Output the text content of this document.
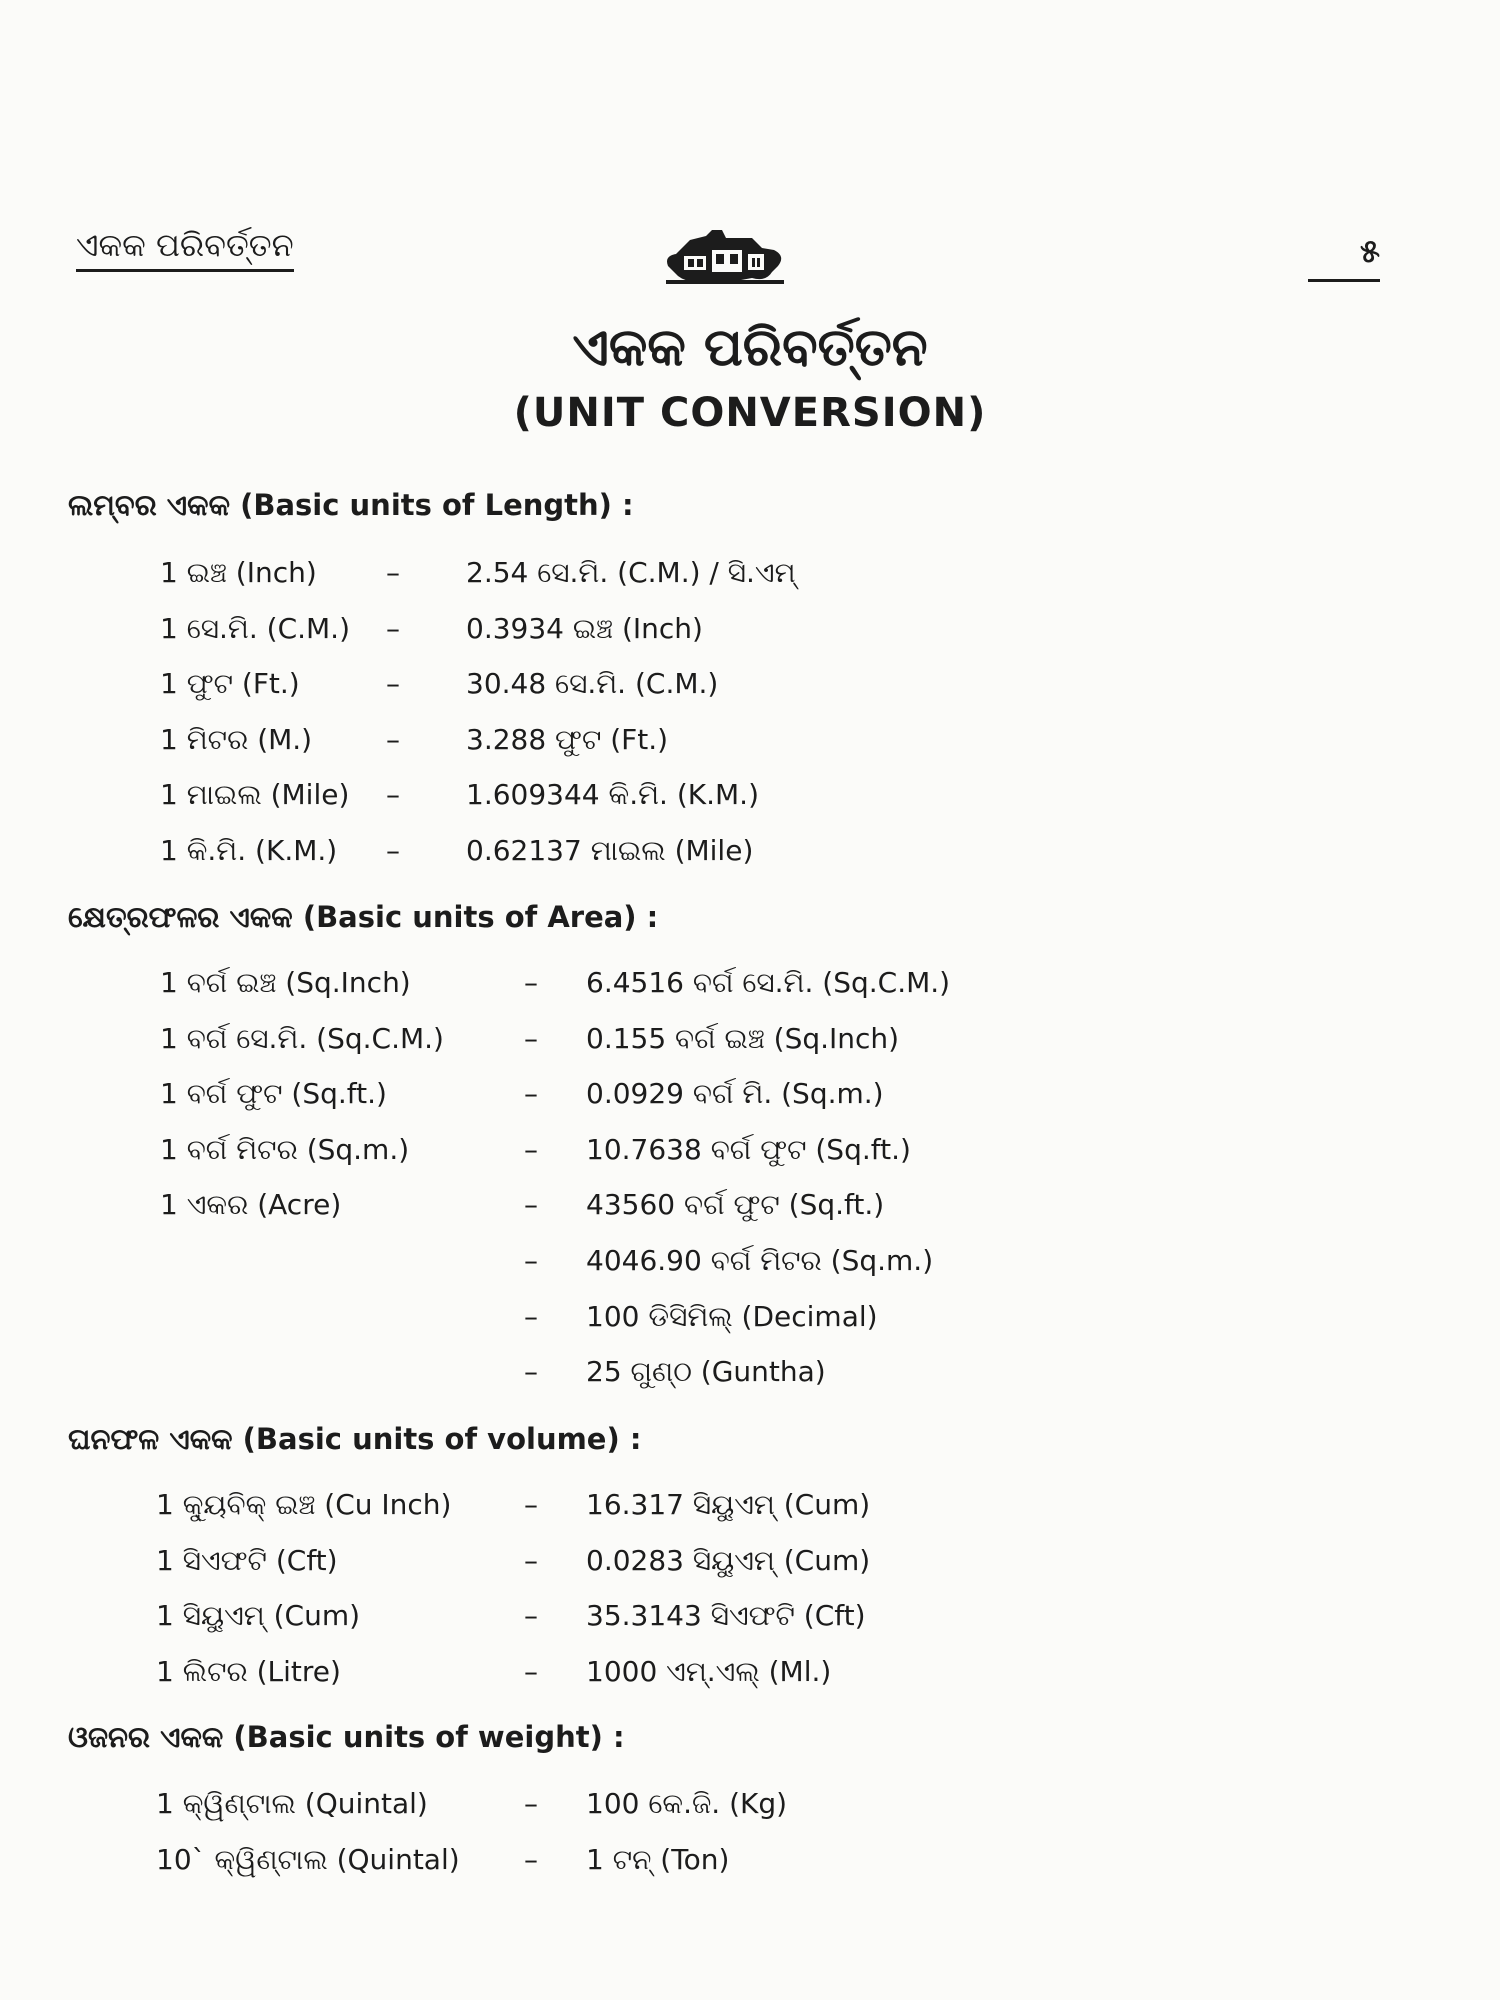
ଏକକ ପରିବର୍ତ୍ତନ	୫
ଏକକ ପରିବର୍ତ୍ତନ
(UNIT CONVERSION)
ଲମ୍ବର ଏକକ (Basic units of Length) :
1 ଇଞ୍ଚ (Inch) – 2.54 ସେ.ମି. (C.M.) / ସି.ଏମ୍
1 ସେ.ମି. (C.M.) – 0.3934 ଇଞ୍ଚ (Inch)
1 ଫୁଟ (Ft.)	– 30.48 ସେ.ମି. (C.M.)
1 ମିଟର (M.)	– 3.288 ଫୁଟ (Ft.)
1 ମାଇଲ (Mile) – 1.609344 କି.ମି. (K.M.)
1 କି.ମି. (K.M.) – 0.62137 ମାଇଲ (Mile)
କ୍ଷେତ୍ରଫଳର ଏକକ (Basic units of Area) :
1 ବର୍ଗ ଇଞ୍ଚ (Sq.Inch)	– 6.4516 ବର୍ଗ ସେ.ମି. (Sq.C.M.)
1 ବର୍ଗ ସେ.ମି. (Sq.C.M.)	– 0.155 ବର୍ଗ ଇଞ୍ଚ (Sq.Inch)
1 ବର୍ଗ ଫୁଟ (Sq.ft.)	– 0.0929 ବର୍ଗ ମି. (Sq.m.)
1 ବର୍ଗ ମିଟର (Sq.m.)	– 10.7638 ବର୍ଗ ଫୁଟ (Sq.ft.)
1 ଏକର (Acre)	– 43560 ବର୍ଗ ଫୁଟ (Sq.ft.)
– 4046.90 ବର୍ଗ ମିଟର (Sq.m.)
– 100 ଡିସିମିଲ୍ (Decimal)
– 25 ଗୁଣ୍ଠ (Guntha)
ଘନଫଳ ଏକକ (Basic units of volume) :
1 କ୍ୟୁବିକ୍ ଇଞ୍ଚ (Cu Inch)	– 16.317 ସିୟୁଏମ୍ (Cum)
1 ସିଏଫଟି (Cft)	– 0.0283 ସିୟୁଏମ୍ (Cum)
1 ସିୟୁଏମ୍ (Cum)	– 35.3143 ସିଏଫଟି (Cft)
1 ଲିଟର (Litre)	– 1000 ଏମ୍.ଏଲ୍ (Ml.)
ଓଜନର ଏକକ (Basic units of weight) :
1 କ୍ୱିଣ୍ଟାଲ (Quintal)	– 100 କେ.ଜି. (Kg)
10` କ୍ୱିଣ୍ଟାଲ (Quintal) – 1 ଟନ୍ (Ton)
